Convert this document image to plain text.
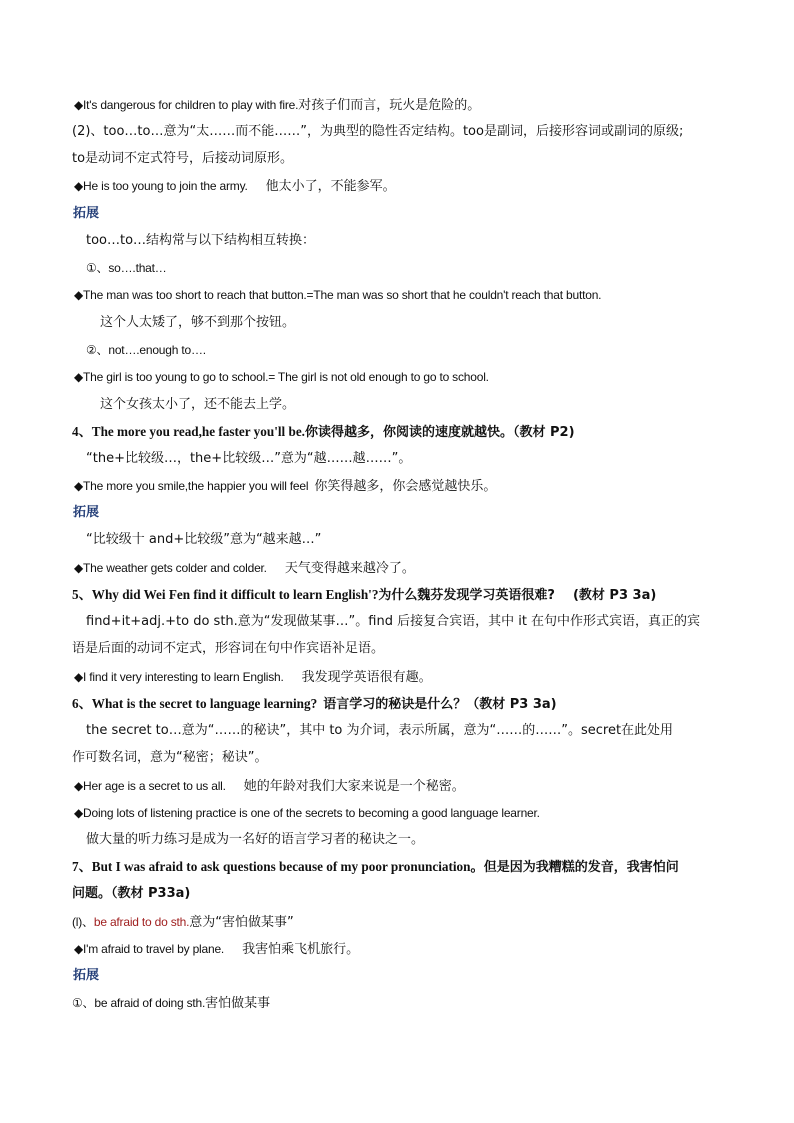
◆It's dangerous for children to play with fire.对孩子们而言，玩火是危险的。
(2)、too…to…意为“太……而不能……”，为典型的隐性否定结构。too是副词，后接形容词或副词的原级;
to是动词不定式符号，后接动词原形。
◆He is too young to join the army. 他太小了，不能参军。
拓展
too…to…结构常与以下结构相互转换：
①、so….that…
◆The man was too short to reach that button.=The man was so short that he couldn't reach that button.
这个人太矮了，够不到那个按钮。
②、not….enough to….
◆The girl is too young to go to school.= The girl is not old enough to go to school.
这个女孩太小了，还不能去上学。
4、The more you read,he faster you'll be.你读得越多，你阅读的速度就越快。（教材 P2)
“the+比较级…，the+比较级…”意为“越……越……”。
◆The more you smile,the happier you will feel 你笑得越多，你会感觉越快乐。
拓展
“比较级十 and+比较级”意为“越来越…”
◆The weather gets colder and colder. 天气变得越来越冷了。
5、Why did Wei Fen find it difficult to learn English'?为什么魏芬发现学习英语很难? (教材 P3 3a)
find+it+adj.+to do sth.意为“发现做某事…”。find 后接复合宾语，其中 it 在句中作形式宾语，真正的宾
语是后面的动词不定式，形容词在句中作宾语补足语。
◆I find it very interesting to learn English. 我发现学英语很有趣。
6、What is the secret to language learning? 语言学习的秘诀是什么？（教材 P3 3a)
the secret to…意为“……的秘诀”，其中 to 为介词，表示所属，意为“……的……”。secret在此处用
作可数名词，意为“秘密；秘诀”。
◆Her age is a secret to us all. 她的年龄对我们大家来说是一个秘密。
◆Doing lots of listening practice is one of the secrets to becoming a good language learner.
做大量的听力练习是成为一名好的语言学习者的秘诀之一。
7、But I was afraid to ask questions because of my poor pronunciation。但是因为我糟糕的发音，我害怕问
问题。（教材 P33a)
(l)、be afraid to do sth.意为“害怕做某事”
◆I'm afraid to travel by plane. 我害怕乘飞机旅行。
拓展
①、be afraid of doing sth.害怕做某事
